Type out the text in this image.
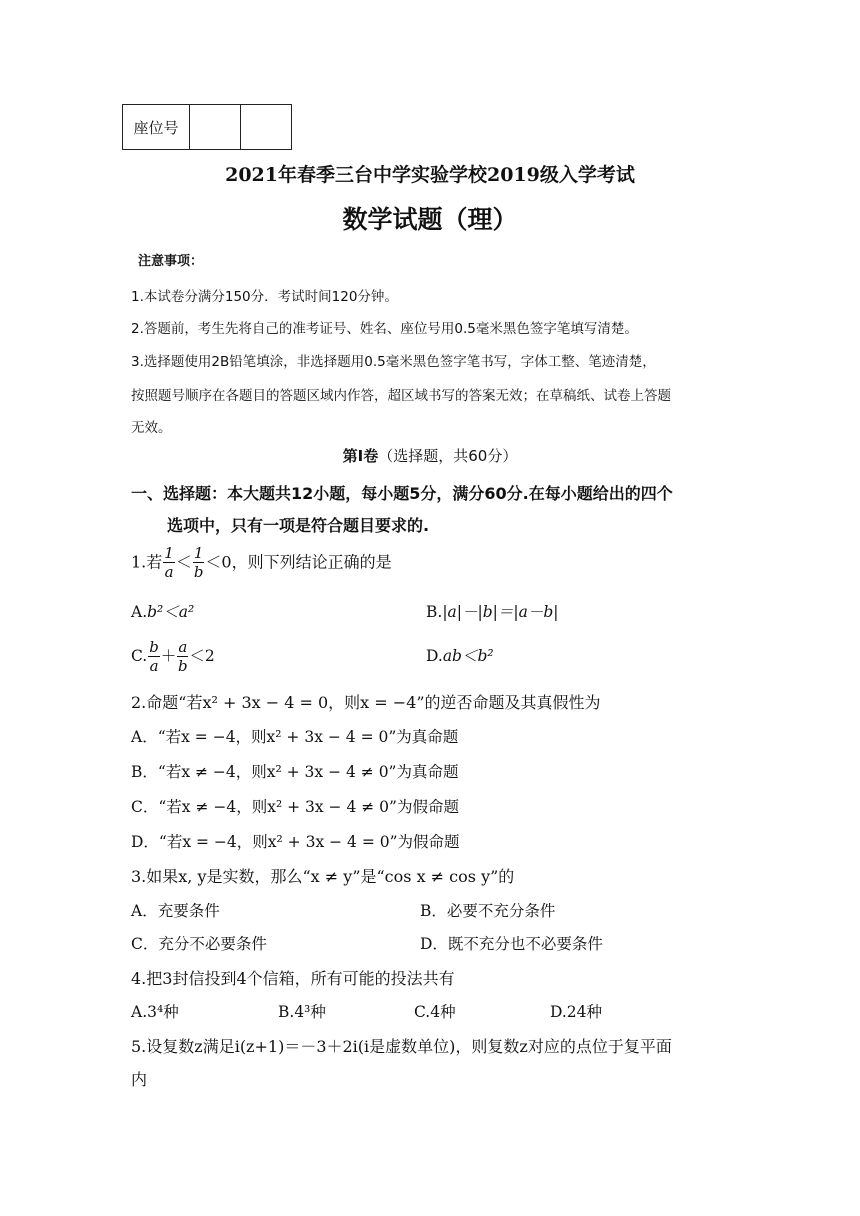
座位号		
2021年春季三台中学实验学校2019级入学考试
数学试题（理）
注意事项：
1.本试卷分满分150分．考试时间120分钟。
2.答题前，考生先将自己的准考证号、姓名、座位号用0.5毫米黑色签字笔填写清楚。
3.选择题使用2B铅笔填涂，非选择题用0.5毫米黑色签字笔书写，字体工整、笔迹清楚，
按照题号顺序在各题目的答题区域内作答，超区域书写的答案无效；在草稿纸、试卷上答题
无效。
第Ⅰ卷（选择题，共60分）
一、选择题：本大题共12小题，每小题5分，满分60分.在每小题给出的四个
选项中，只有一项是符合题目要求的.
1.若 $\frac{1}{a} < \frac{1}{b} <0$，则下列结论正确的是
A.b²＜a²	B.|a|－|b|＝|a－b|
C. $\frac{b}{a} + \frac{a}{b} <2$	D.ab＜b²
2.命题“若x² + 3x − 4 = 0，则x = −4”的逆否命题及其真假性为
A．“若x = −4，则x² + 3x − 4 = 0”为真命题
B．“若x ≠ −4，则x² + 3x − 4 ≠ 0”为真命题
C．“若x ≠ −4，则x² + 3x − 4 ≠ 0”为假命题
D．“若x = −4，则x² + 3x − 4 = 0”为假命题
3.如果x, y是实数，那么“x ≠ y”是“cos x ≠ cos y”的
A．充要条件	B．必要不充分条件
C．充分不必要条件	D．既不充分也不必要条件
4.把3封信投到4个信箱，所有可能的投法共有
A.3⁴种	B.4³种	C.4种	D.24种
5.设复数z满足i(z+1)＝－3＋2i(i是虚数单位)，则复数z对应的点位于复平面
内
